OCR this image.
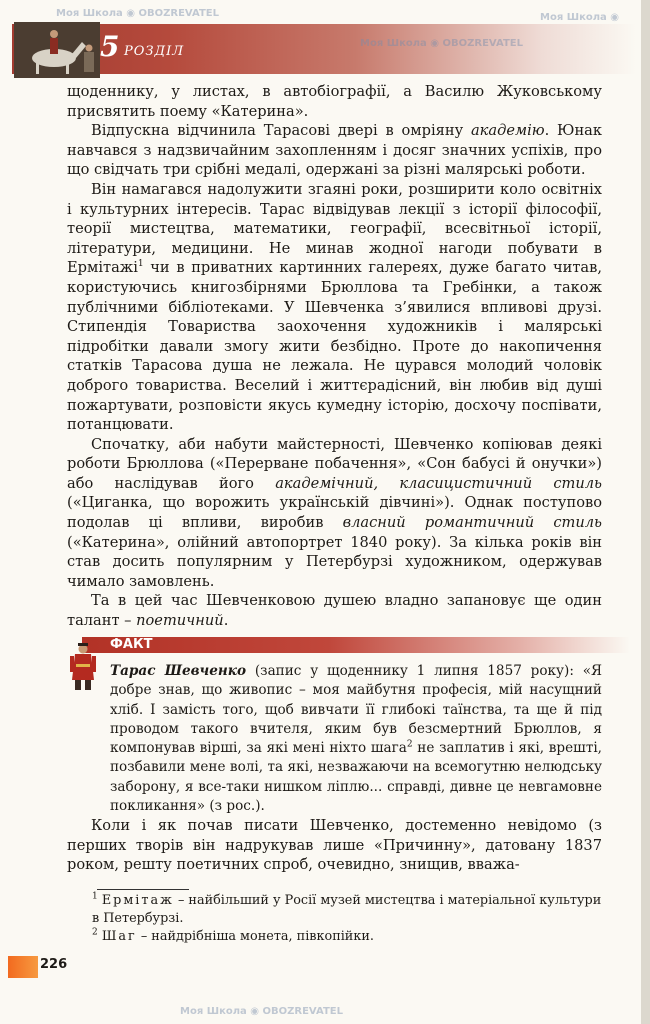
5 РОЗДІЛ

щоденнику, у листах, в автобіографії, а Василю Жуковському присвятить поему «Катерина».

Відпускна відчинила Тарасові двері в омріяну академію. Юнак навчався з надзвичайним захопленням і досяг значних успіхів, про що свідчать три срібні медалі, одержані за різні малярські роботи.

Він намагався надолужити згаяні роки, розширити коло освітніх і культурних інтересів. Тарас відвідував лекції з історії філософії, теорії мистецтва, математики, географії, всесвітньої історії, літератури, медицини. Не минав жодної нагоди побувати в Ермітажі$^1$ чи в приватних картинних галереях, дуже багато читав, користуючись книгозбірнями Брюллова та Гребінки, а також публічними бібліотеками. У Шевченка з’явилися впливові друзі. Стипендія Товариства заохочення художників і малярські підробітки давали змогу жити безбідно. Проте до накопичення статків Тарасова душа не лежала. Не цурався молодий чоловік доброго товариства. Веселий і життєрадісний, він любив від душі пожартувати, розповісти якусь кумедну історію, досхочу поспівати, потанцювати.

Спочатку, аби набути майстерності, Шевченко копіював деякі роботи Брюллова («Перерване побачення», «Сон бабусі й онучки») або наслідував його академічний, класицистичний стиль («Циганка, що ворожить українській дівчині»). Однак поступово подолав ці впливи, виробив власний романтичний стиль («Катерина», олійний автопортрет 1840 року). За кілька років він став досить популярним у Петербурзі художником, одержував чимало замовлень.

Та в цей час Шевченковою душею владно запановує ще один талант – поетичний.

ФАКТ

Тарас Шевченко (запис у щоденнику 1 липня 1857 року): «Я добре знав, що живопис – моя майбутня професія, мій насущний хліб. І замість того, щоб вивчати її глибокі таїнства, та ще й під проводом такого вчителя, яким був безсмертний Брюллов, я компонував вірші, за які мені ніхто шага$^2$ не заплатив і які, врешті, позбавили мене волі, та які, незважаючи на всемогутню нелюдську заборону, я все-таки нишком ліплю... справді, дивне це невгамовне покликання» (з рос.).

Коли і як почав писати Шевченко, достеменно невідомо (з перших творів він надрукував лише «Причинну», датовану 1837 роком, решту поетичних спроб, очевидно, знищив, вважа-

$^1$ Ермітаж – найбільший у Росії музей мистецтва і матеріальної культури в Петербурзі.

$^2$ Шаг – найдрібніша монета, півкопійки.

226
Моя Школа ◉ OBOZREVATEL
Моя Школа ◉ OBOZREVATEL
Моя Школа ◉
Моя Школа ◉ OBOZREVATEL
